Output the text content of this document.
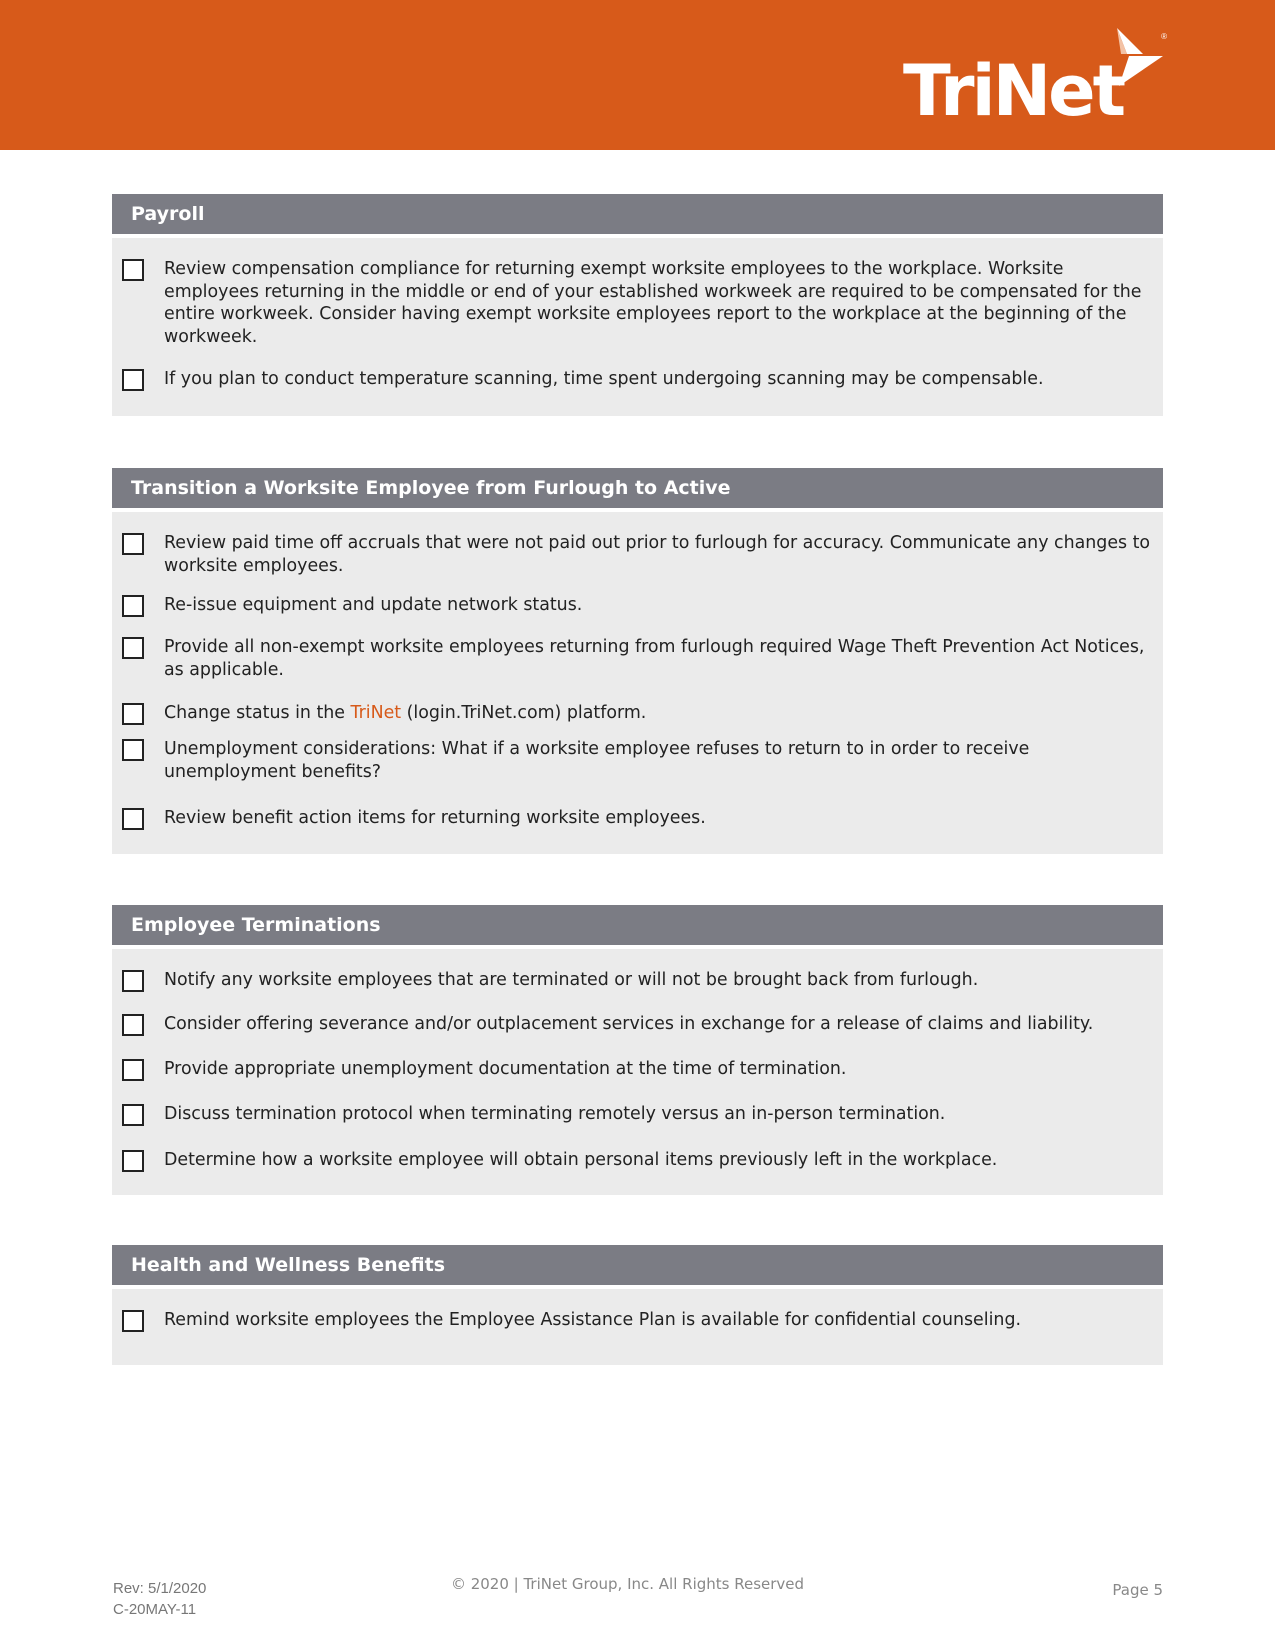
TriNet
®
Payroll
Review compensation compliance for returning exempt worksite employees to the workplace. Worksite employees returning in the middle or end of your established workweek are required to be compensated for the entire workweek. Consider having exempt worksite employees report to the workplace at the beginning of the workweek.
If you plan to conduct temperature scanning, time spent undergoing scanning may be compensable.
Transition a Worksite Employee from Furlough to Active
Review paid time off accruals that were not paid out prior to furlough for accuracy. Communicate any changes to worksite employees.
Re-issue equipment and update network status.
Provide all non-exempt worksite employees returning from furlough required Wage Theft Prevention Act Notices, as applicable.
Change status in the TriNet (login.TriNet.com) platform.
Unemployment considerations: What if a worksite employee refuses to return to in order to receive unemployment benefits?
Review benefit action items for returning worksite employees.
Employee Terminations
Notify any worksite employees that are terminated or will not be brought back from furlough.
Consider offering severance and/or outplacement services in exchange for a release of claims and liability.
Provide appropriate unemployment documentation at the time of termination.
Discuss termination protocol when terminating remotely versus an in-person termination.
Determine how a worksite employee will obtain personal items previously left in the workplace.
Health and Wellness Benefits
Remind worksite employees the Employee Assistance Plan is available for confidential counseling.
Rev: 5/1/2020
C-20MAY-11
© 2020 | TriNet Group, Inc. All Rights Reserved	Page 5
